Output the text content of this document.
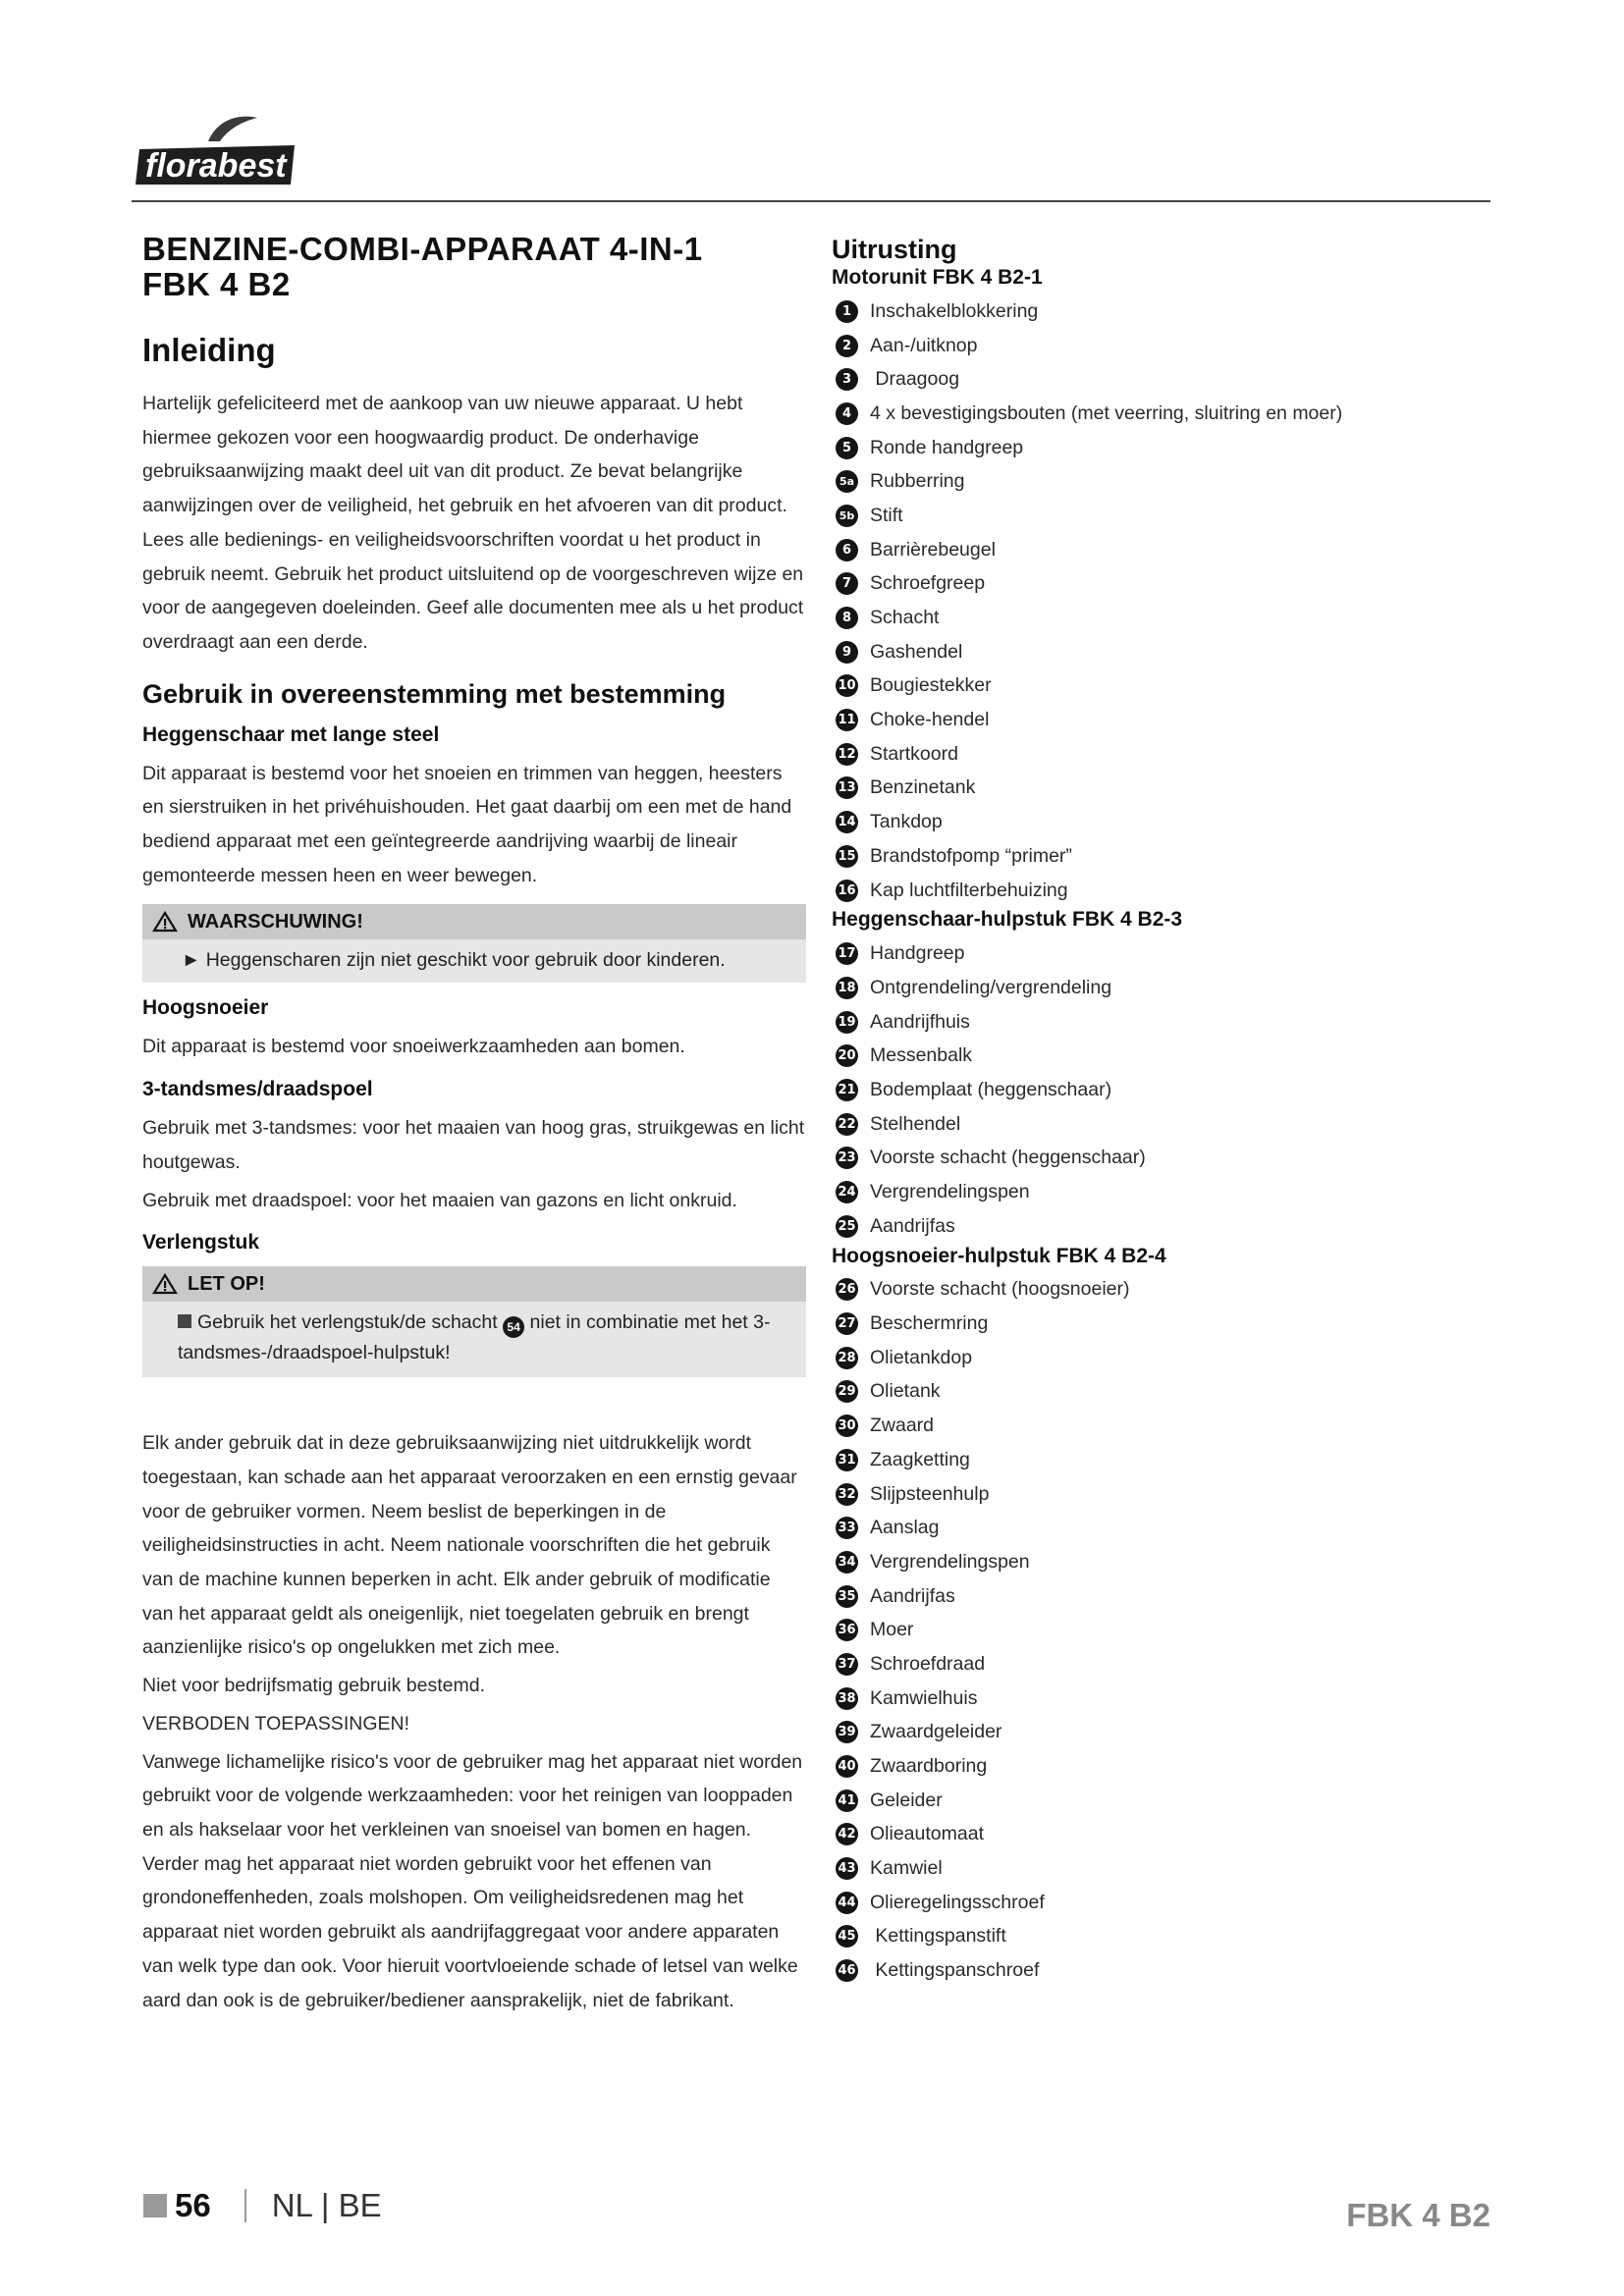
florabest
BENZINE-COMBI-APPARAAT 4-IN-1
FBK 4 B2
Inleiding

Hartelijk gefeliciteerd met de aankoop van uw nieuwe apparaat. U hebt hiermee gekozen voor een hoogwaardig product. De onderhavige gebruiksaanwijzing maakt deel uit van dit product. Ze bevat belangrijke aanwijzingen over de veiligheid, het gebruik en het afvoeren van dit product. Lees alle bedienings- en veiligheidsvoorschriften voordat u het product in gebruik neemt. Gebruik het product uitsluitend op de voorgeschreven wijze en voor de aangegeven doeleinden. Geef alle documenten mee als u het product overdraagt aan een derde.

Gebruik in overeenstemming met bestemming
Heggenschaar met lange steel

Dit apparaat is bestemd voor het snoeien en trimmen van heggen, heesters en sierstruiken in het privéhuishouden. Het gaat daarbij om een met de hand bediend apparaat met een geïntegreerde aandrijving waarbij de lineair gemonteerde messen heen en weer bewegen.

WAARSCHUWING!
► Heggenscharen zijn niet geschikt voor gebruik door kinderen.
Hoogsnoeier

Dit apparaat is bestemd voor snoeiwerkzaamheden aan bomen.

3-tandsmes/draadspoel

Gebruik met 3-tandsmes: voor het maaien van hoog gras, struikgewas en licht houtgewas.

Gebruik met draadspoel: voor het maaien van gazons en licht onkruid.

Verlengstuk
LET OP!
Gebruik het verlengstuk/de schacht 54 niet in combinatie met het 3-tandsmes-/draadspoel-hulpstuk!

Elk ander gebruik dat in deze gebruiksaanwijzing niet uitdrukkelijk wordt toegestaan, kan schade aan het apparaat veroorzaken en een ernstig gevaar voor de gebruiker vormen. Neem beslist de beperkingen in de veiligheidsinstructies in acht. Neem nationale voorschriften die het gebruik van de machine kunnen beperken in acht. Elk ander gebruik of modificatie van het apparaat geldt als oneigenlijk, niet toegelaten gebruik en brengt aanzienlijke risico's op ongelukken met zich mee.

Niet voor bedrijfsmatig gebruik bestemd.

VERBODEN TOEPASSINGEN!

Vanwege lichamelijke risico's voor de gebruiker mag het apparaat niet worden gebruikt voor de volgende werkzaamheden: voor het reinigen van looppaden en als hakselaar voor het verkleinen van snoeisel van bomen en hagen. Verder mag het apparaat niet worden gebruikt voor het effenen van grondoneffenheden, zoals molshopen. Om veiligheidsredenen mag het apparaat niet worden gebruikt als aandrijfaggregaat voor andere apparaten van welk type dan ook. Voor hieruit voortvloeiende schade of letsel van welke aard dan ook is de gebruiker/bediener aansprakelijk, niet de fabrikant.

Uitrusting
Motorunit FBK 4 B2-1
1 Inschakelblokkering
2 Aan-/uitknop
3 Draagoog
4 4 x bevestigingsbouten (met veerring, sluitring en moer)
5 Ronde handgreep
5a Rubberring
5b Stift
6 Barrièrebeugel
7 Schroefgreep
8 Schacht
9 Gashendel
10 Bougiestekker
11 Choke-hendel
12 Startkoord
13 Benzinetank
14 Tankdop
15 Brandstofpomp “primer”
16 Kap luchtfilterbehuizing
Heggenschaar-hulpstuk FBK 4 B2-3
17 Handgreep
18 Ontgrendeling/vergrendeling
19 Aandrijfhuis
20 Messenbalk
21 Bodemplaat (heggenschaar)
22 Stelhendel
23 Voorste schacht (heggenschaar)
24 Vergrendelingspen
25 Aandrijfas
Hoogsnoeier-hulpstuk FBK 4 B2-4
26 Voorste schacht (hoogsnoeier)
27 Beschermring
28 Olietankdop
29 Olietank
30 Zwaard
31 Zaagketting
32 Slijpsteenhulp
33 Aanslag
34 Vergrendelingspen
35 Aandrijfas
36 Moer
37 Schroefdraad
38 Kamwielhuis
39 Zwaardgeleider
40 Zwaardboring
41 Geleider
42 Olieautomaat
43 Kamwiel
44 Olieregelingsschroef
45 Kettingspanstift
46 Kettingspanschroef
56 NL | BE	FBK 4 B2
